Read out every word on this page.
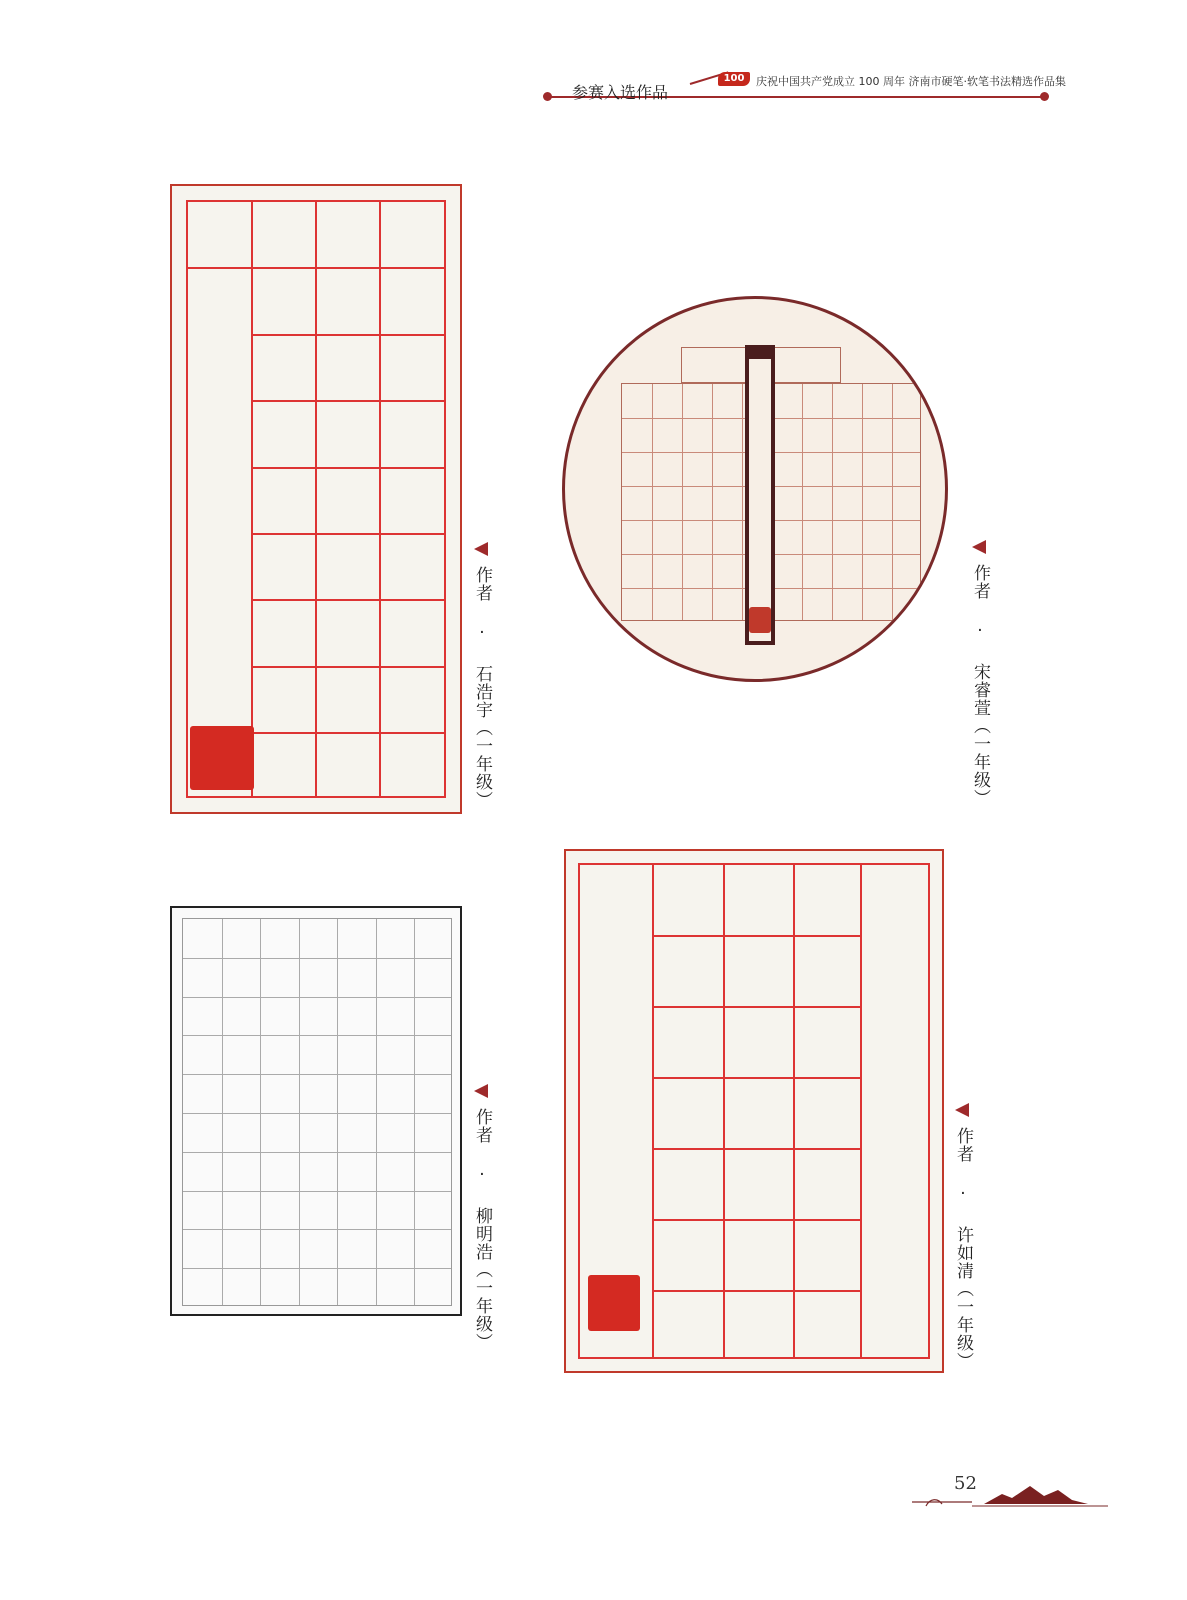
参赛入选作品
100	庆祝中国共产党成立 100 周年 济南市硬笔·软笔书法精选作品集
作者 · 石浩宇（一年级）	作者 · 宋睿萱（一年级）
作者 · 柳明浩（一年级）	作者 · 许如清（一年级）
52
